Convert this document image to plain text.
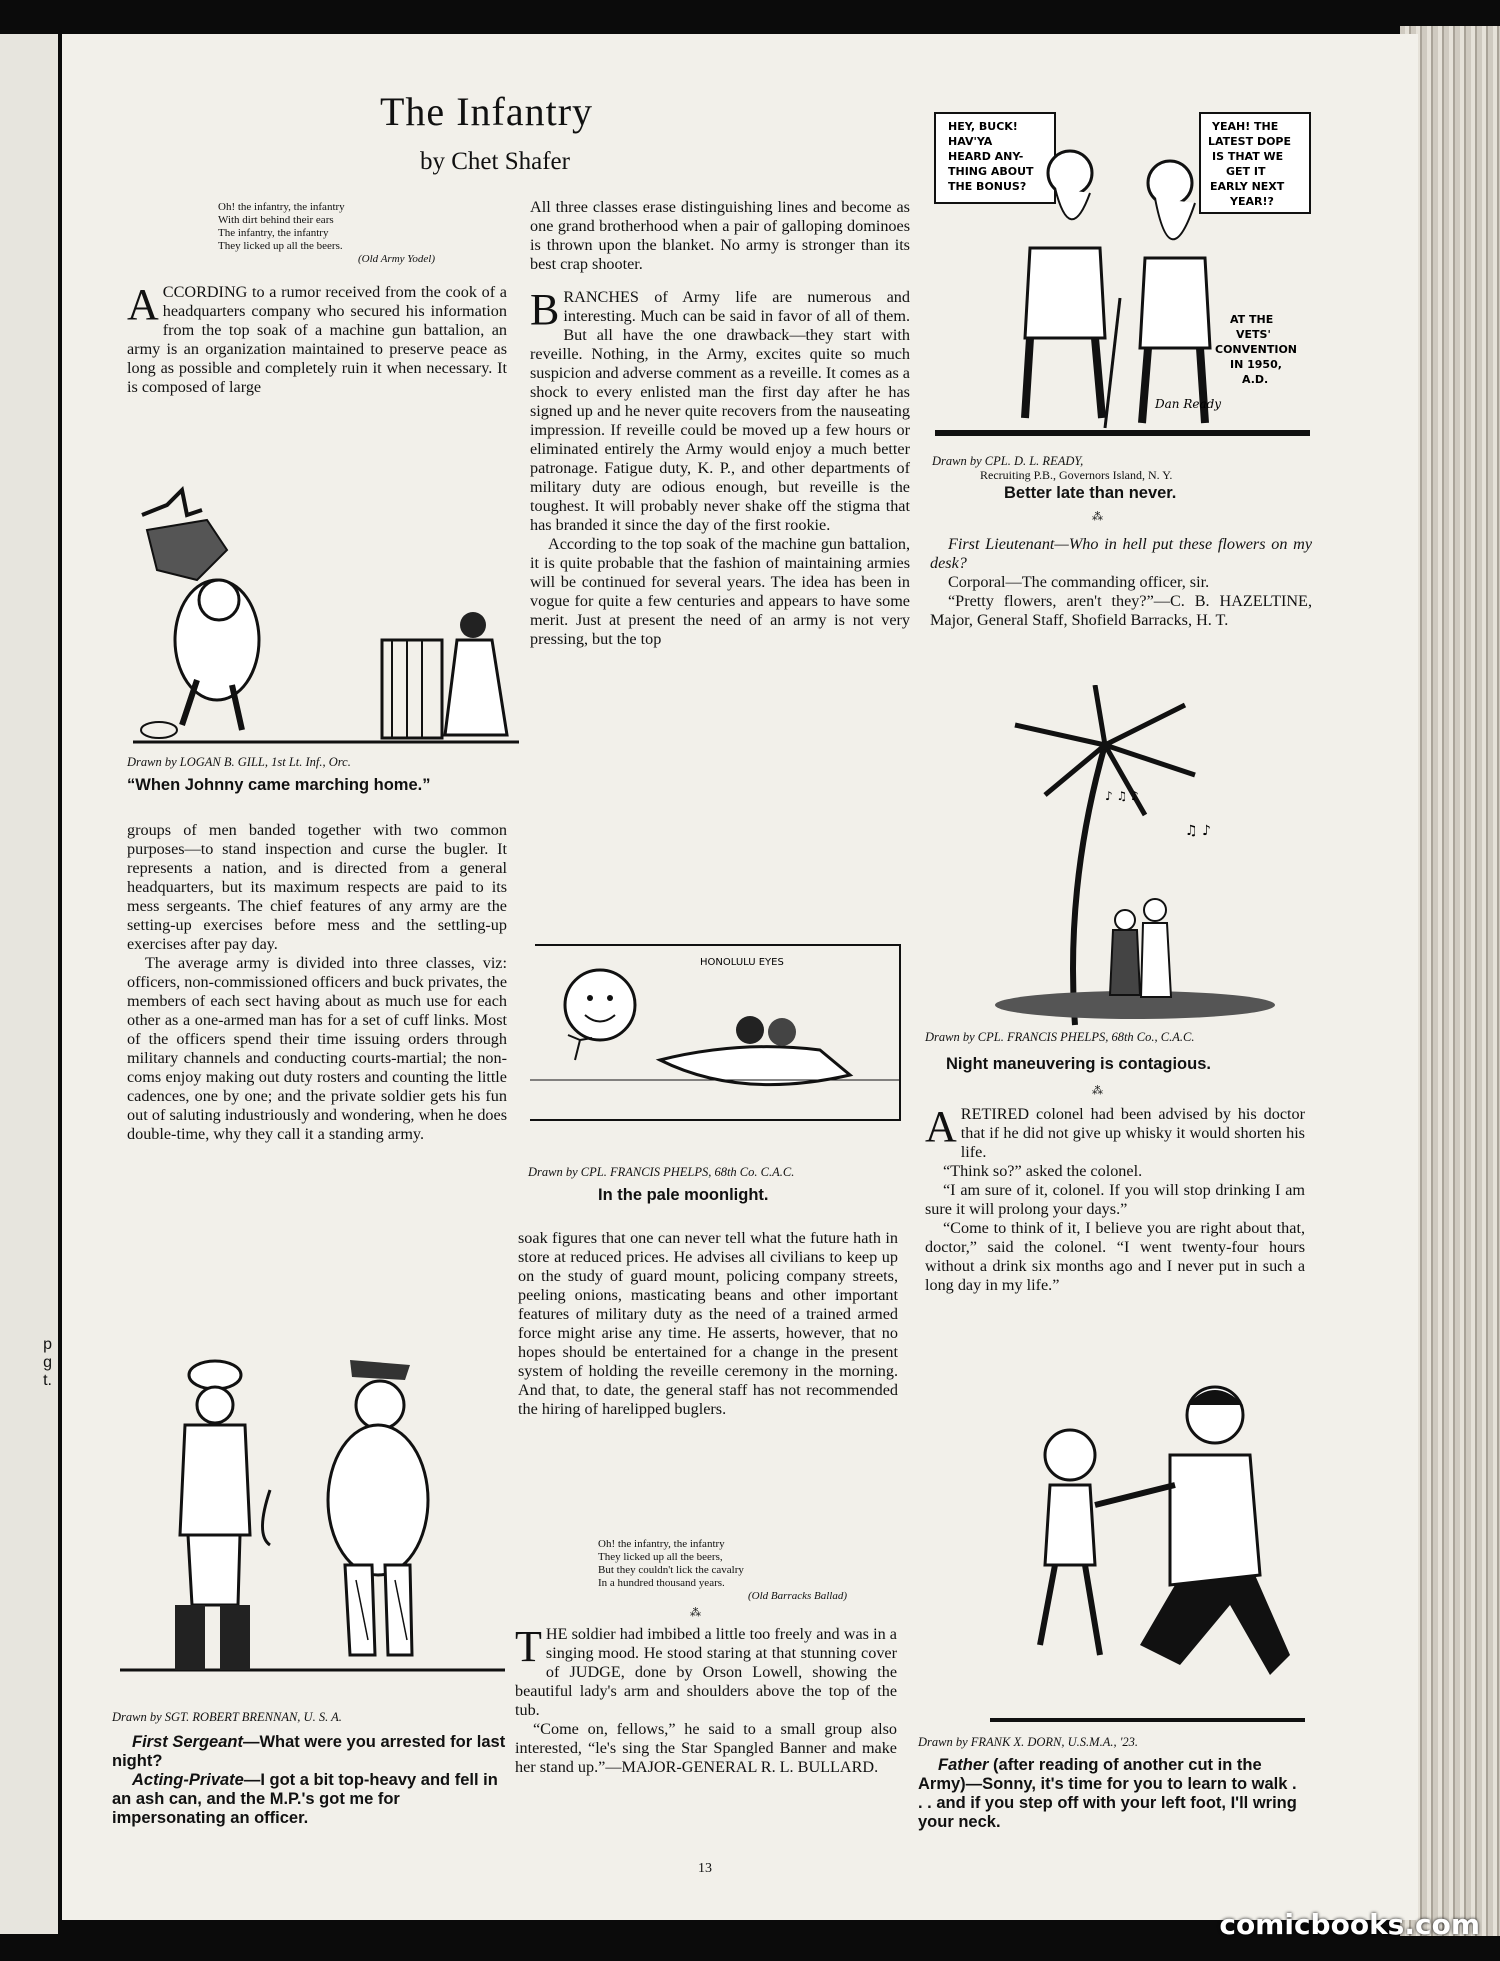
p
g
t.
The Infantry
by Chet Shafer
Oh! the infantry, the infantry
With dirt behind their ears
The infantry, the infantry
They licked up all the beers.
(Old Army Yodel)

ACCORDING to a rumor received from the cook of a headquarters company who secured his information from the top soak of a machine gun battalion, an army is an organization maintained to preserve peace as long as possible and completely ruin it when necessary. It is composed of large

Drawn by LOGAN B. GILL, 1st Lt. Inf., Orc.
“When Johnny came marching home.”

groups of men banded together with two common purposes—to stand inspection and curse the bugler. It represents a nation, and is directed from a general headquarters, but its maximum respects are paid to its mess sergeants. The chief features of any army are the setting-up exercises before mess and the settling-up exercises after pay day.

The average army is divided into three classes, viz: officers, non-commissioned officers and buck privates, the members of each sect having about as much use for each other as a one-armed man has for a set of cuff links. Most of the officers spend their time issuing orders through military channels and conducting courts-martial; the non-coms enjoy making out duty rosters and counting the little cadences, one by one; and the private soldier gets his fun out of saluting industriously and wondering, when he does double-time, why they call it a standing army.

Drawn by SGT. ROBERT BRENNAN, U. S. A.
First Sergeant—What were you arrested for last night?
Acting-Private—I got a bit top-heavy and fell in an ash can, and the M.P.'s got me for impersonating an officer.

All three classes erase distinguishing lines and become as one grand brotherhood when a pair of galloping dominoes is thrown upon the blanket. No army is stronger than its best crap shooter.

BRANCHES of Army life are numerous and interesting. Much can be said in favor of all of them. But all have the one drawback—they start with reveille. Nothing, in the Army, excites quite so much suspicion and adverse comment as a reveille. It comes as a shock to every enlisted man the first day after he has signed up and he never quite recovers from the nauseating impression. If reveille could be moved up a few hours or eliminated entirely the Army would enjoy a much better patronage. Fatigue duty, K. P., and other departments of military duty are odious enough, but reveille is the toughest. It will probably never shake off the stigma that has branded it since the day of the first rookie.

According to the top soak of the machine gun battalion, it is quite probable that the fashion of maintaining armies will be continued for several years. The idea has been in vogue for quite a few centuries and appears to have some merit. Just at present the need of an army is not very pressing, but the top

HONOLULU EYES
Drawn by CPL. FRANCIS PHELPS, 68th Co. C.A.C.
In the pale moonlight.

soak figures that one can never tell what the future hath in store at reduced prices. He advises all civilians to keep up on the study of guard mount, policing company streets, peeling onions, masticating beans and other important features of military duty as the need of a trained armed force might arise any time. He asserts, however, that no hopes should be entertained for a change in the present system of holding the reveille ceremony in the morning. And that, to date, the general staff has not recommended the hiring of harelipped buglers.

Oh! the infantry, the infantry
They licked up all the beers,
But they couldn't lick the cavalry
In a hundred thousand years.
(Old Barracks Ballad)
⁂

THE soldier had imbibed a little too freely and was in a singing mood. He stood staring at that stunning cover of JUDGE, done by Orson Lowell, showing the beautiful lady's arm and shoulders above the top of the tub.

“Come on, fellows,” he said to a small group also interested, “le's sing the Star Spangled Banner and make her stand up.”—MAJOR-GENERAL R. L. BULLARD.

HEY, BUCK! HAV'YA HEARD ANY- THING ABOUT THE BONUS?
YEAH! THE LATEST DOPE IS THAT WE GET IT EARLY NEXT YEAR!?
AT THE VETS' CONVENTION IN 1950, A.D.
Dan Ready
Drawn by CPL. D. L. READY,
Recruiting P.B., Governors Island, N. Y.
Better late than never.
⁂

First Lieutenant—Who in hell put these flowers on my desk?

Corporal—The commanding officer, sir.

“Pretty flowers, aren't they?”—C. B. HAZELTINE, Major, General Staff, Shofield Barracks, H. T.

♪ ♫ ♪
♫ ♪
Drawn by CPL. FRANCIS PHELPS, 68th Co., C.A.C.
Night maneuvering is contagious.
⁂

ARETIRED colonel had been advised by his doctor that if he did not give up whisky it would shorten his life.

“Think so?” asked the colonel.

“I am sure of it, colonel. If you will stop drinking I am sure it will prolong your days.”

“Come to think of it, I believe you are right about that, doctor,” said the colonel. “I went twenty-four hours without a drink six months ago and I never put in such a long day in my life.”

Drawn by FRANK X. DORN, U.S.M.A., '23.
Father (after reading of another cut in the Army)—Sonny, it's time for you to learn to walk . . . and if you step off with your left foot, I'll wring your neck.
13
comicbooks.com
